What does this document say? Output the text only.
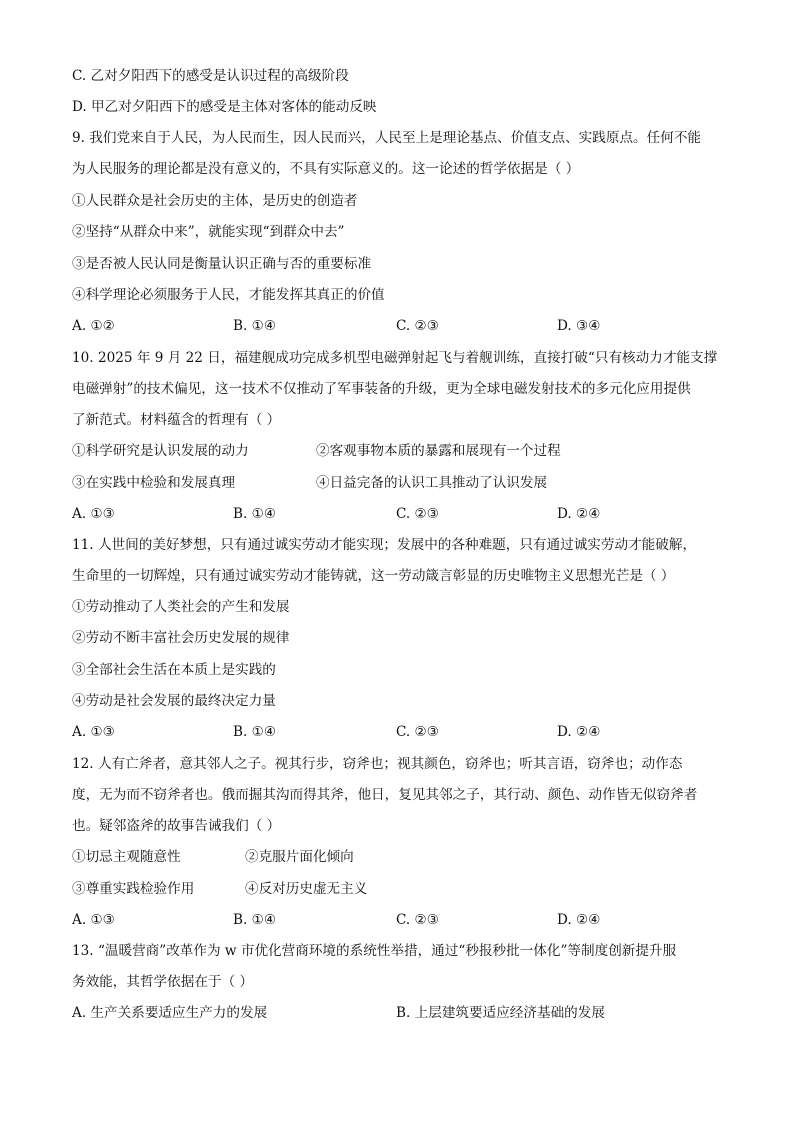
C. 乙对夕阳西下的感受是认识过程的高级阶段
D. 甲乙对夕阳西下的感受是主体对客体的能动反映
9. 我们党来自于人民，为人民而生，因人民而兴，人民至上是理论基点、价值支点、实践原点。任何不能
为人民服务的理论都是没有意义的，不具有实际意义的。这一论述的哲学依据是（ ）
①人民群众是社会历史的主体，是历史的创造者
②坚持“从群众中来”，就能实现“到群众中去”
③是否被人民认同是衡量认识正确与否的重要标准
④科学理论必须服务于人民，才能发挥其真正的价值
A. ①②	B. ①④	C. ②③	D. ③④
10. 2025 年 9 月 22 日，福建舰成功完成多机型电磁弹射起飞与着舰训练，直接打破“只有核动力才能支撑
电磁弹射”的技术偏见，这一技术不仅推动了军事装备的升级，更为全球电磁发射技术的多元化应用提供
了新范式。材料蕴含的哲理有（ ）
①科学研究是认识发展的动力	②客观事物本质的暴露和展现有一个过程
③在实践中检验和发展真理	④日益完备的认识工具推动了认识发展
A. ①③	B. ①④	C. ②③	D. ②④
11. 人世间的美好梦想，只有通过诚实劳动才能实现；发展中的各种难题，只有通过诚实劳动才能破解，
生命里的一切辉煌，只有通过诚实劳动才能铸就，这一劳动箴言彰显的历史唯物主义思想光芒是（ ）
①劳动推动了人类社会的产生和发展
②劳动不断丰富社会历史发展的规律
③全部社会生活在本质上是实践的
④劳动是社会发展的最终决定力量
A. ①③	B. ①④	C. ②③	D. ②④
12. 人有亡斧者，意其邻人之子。视其行步，窃斧也；视其颜色，窃斧也；听其言语，窃斧也；动作态
度，无为而不窃斧者也。俄而掘其沟而得其斧，他日，复见其邻之子，其行动、颜色、动作皆无似窃斧者
也。疑邻盗斧的故事告诫我们（ ）
①切忌主观随意性	②克服片面化倾向
③尊重实践检验作用	④反对历史虚无主义
A. ①③	B. ①④	C. ②③	D. ②④
13. “温暖营商”改革作为 w 市优化营商环境的系统性举措，通过“秒报秒批一体化”等制度创新提升服
务效能，其哲学依据在于（ ）
A. 生产关系要适应生产力的发展	B. 上层建筑要适应经济基础的发展
